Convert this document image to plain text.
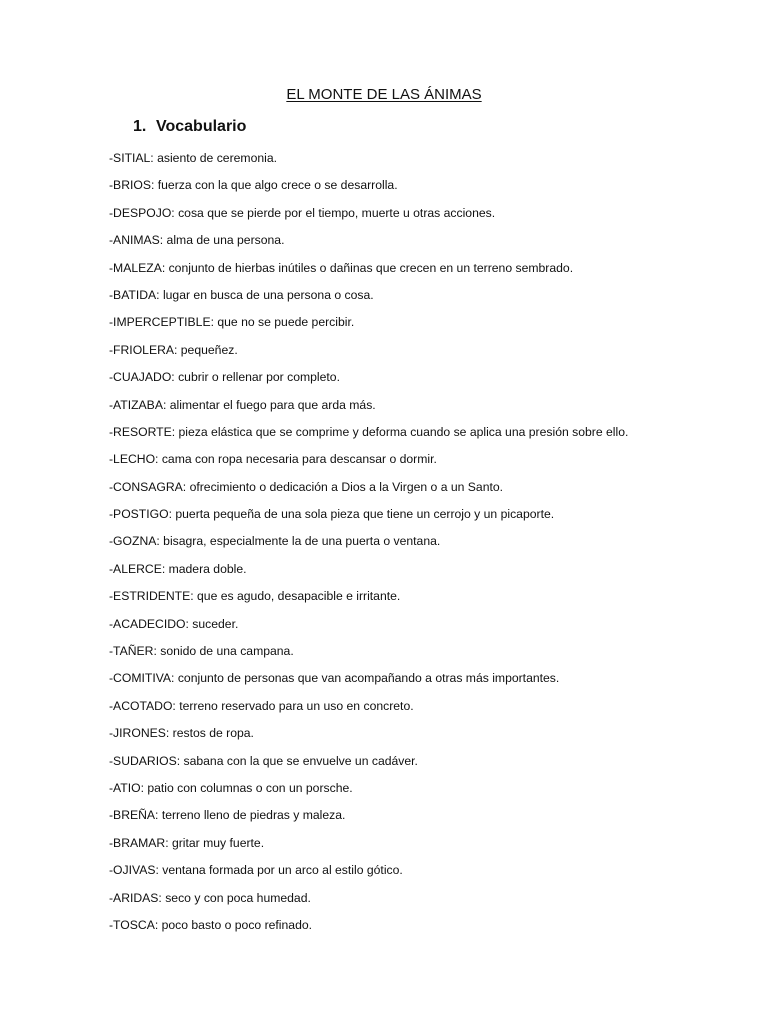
EL MONTE DE LAS ÁNIMAS
1. Vocabulario
-SITIAL: asiento de ceremonia.
-BRIOS: fuerza con la que algo crece o se desarrolla.
-DESPOJO: cosa que se pierde por el tiempo, muerte u otras acciones.
-ANIMAS: alma de una persona.
-MALEZA: conjunto de hierbas inútiles o dañinas que crecen en un terreno sembrado.
-BATIDA: lugar en busca de una persona o cosa.
-IMPERCEPTIBLE: que no se puede percibir.
-FRIOLERA: pequeñez.
-CUAJADO: cubrir o rellenar por completo.
-ATIZABA: alimentar el fuego para que arda más.
-RESORTE: pieza elástica que se comprime y deforma cuando se aplica una presión sobre ello.
-LECHO: cama con ropa necesaria para descansar o dormir.
-CONSAGRA: ofrecimiento o dedicación a Dios a la Virgen o a un Santo.
-POSTIGO: puerta pequeña de una sola pieza que tiene un cerrojo y un picaporte.
-GOZNA: bisagra, especialmente la de una puerta o ventana.
-ALERCE: madera doble.
-ESTRIDENTE: que es agudo, desapacible e irritante.
-ACADECIDO: suceder.
-TAÑER: sonido de una campana.
-COMITIVA: conjunto de personas que van acompañando a otras más importantes.
-ACOTADO: terreno reservado para un uso en concreto.
-JIRONES: restos de ropa.
-SUDARIOS: sabana con la que se envuelve un cadáver.
-ATIO: patio con columnas o con un porsche.
-BREÑA: terreno lleno de piedras y maleza.
-BRAMAR: gritar muy fuerte.
-OJIVAS: ventana formada por un arco al estilo gótico.
-ARIDAS: seco y con poca humedad.
-TOSCA: poco basto o poco refinado.
